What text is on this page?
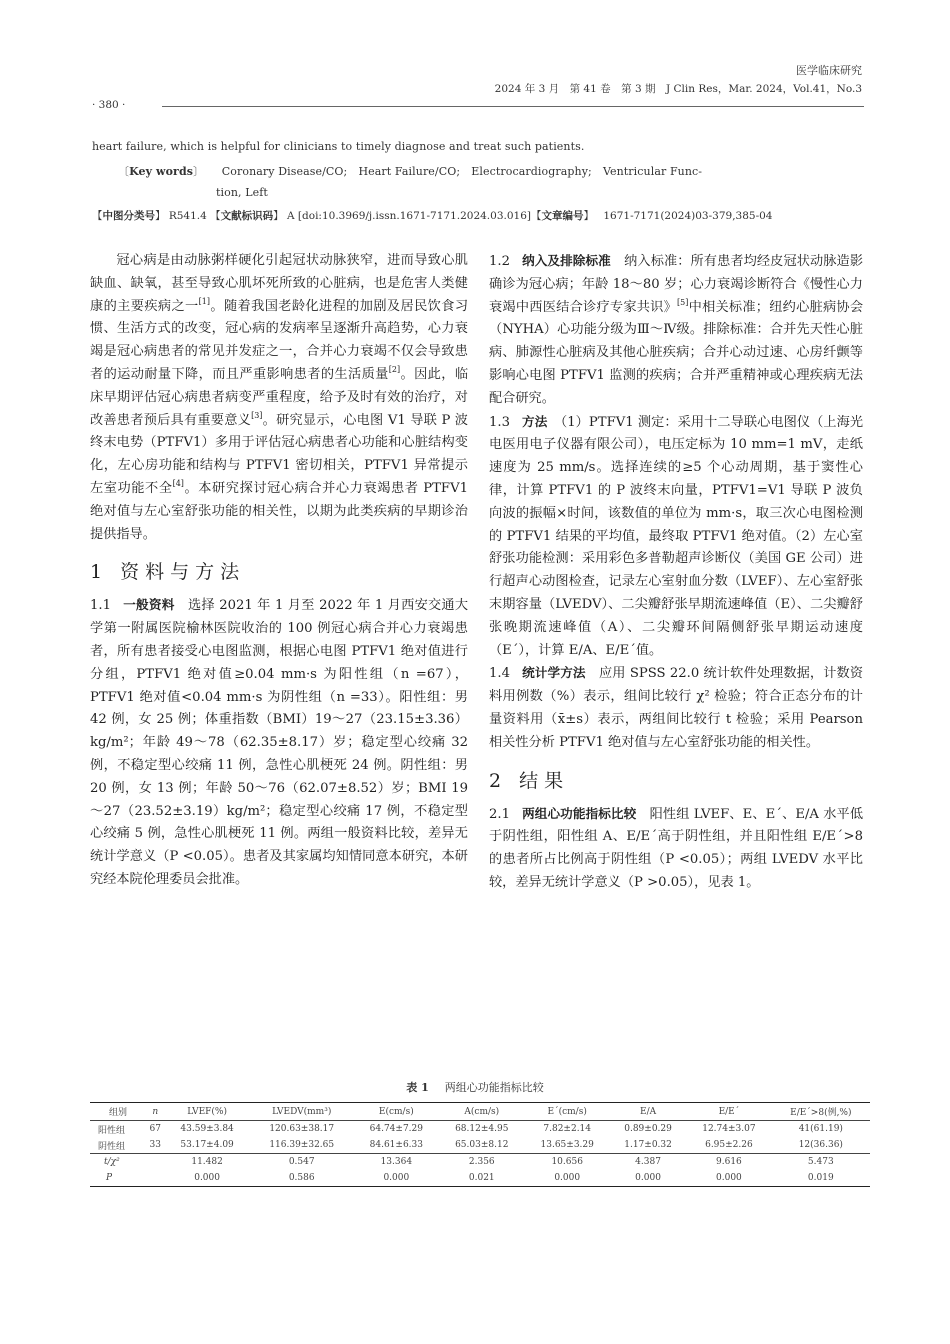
医学临床研究
2024 年 3 月　第 41 卷　第 3 期　J Clin Res，Mar. 2024，Vol.41，No.3
· 380 ·
heart failure, which is helpful for clinicians to timely diagnose and treat such patients.
〔Key words〕 Coronary Disease/CO;　Heart Failure/CO;　Electrocardiography;　Ventricular Func-
tion, Left
【中图分类号】 R541.4 【文献标识码】 A [doi:10.3969/j.issn.1671-7171.2024.03.016]【文章编号】 1671-7171(2024)03-379,385-04

冠心病是由动脉粥样硬化引起冠状动脉狭窄，进而导致心肌缺血、缺氧，甚至导致心肌坏死所致的心脏病，也是危害人类健康的主要疾病之一[1]。随着我国老龄化进程的加剧及居民饮食习惯、生活方式的改变，冠心病的发病率呈逐渐升高趋势，心力衰竭是冠心病患者的常见并发症之一，合并心力衰竭不仅会导致患者的运动耐量下降，而且严重影响患者的生活质量[2]。因此，临床早期评估冠心病患者病变严重程度，给予及时有效的治疗，对改善患者预后具有重要意义[3]。研究显示，心电图 V1 导联 P 波终末电势（PTFV1）多用于评估冠心病患者心功能和心脏结构变化，左心房功能和结构与 PTFV1 密切相关，PTFV1 异常提示左室功能不全[4]。本研究探讨冠心病合并心力衰竭患者 PTFV1 绝对值与左心室舒张功能的相关性，以期为此类疾病的早期诊治提供指导。

1 资料与方法

1.1 一般资料　 选择 2021 年 1 月至 2022 年 1 月西安交通大学第一附属医院榆林医院收治的 100 例冠心病合并心力衰竭患者，所有患者接受心电图监测，根据心电图 PTFV1 绝对值进行分组，PTFV1 绝对值≥0.04 mm·s 为阳性组（n =67），PTFV1 绝对值<0.04 mm·s 为阴性组（n =33）。阳性组：男 42 例，女 25 例；体重指数（BMI）19～27（23.15±3.36）kg/m²；年龄 49～78（62.35±8.17）岁；稳定型心绞痛 32 例，不稳定型心绞痛 11 例，急性心肌梗死 24 例。阴性组：男 20 例，女 13 例；年龄 50～76（62.07±8.52）岁；BMI 19～27（23.52±3.19）kg/m²；稳定型心绞痛 17 例，不稳定型心绞痛 5 例，急性心肌梗死 11 例。两组一般资料比较，差异无统计学意义（P <0.05）。患者及其家属均知情同意本研究，本研究经本院伦理委员会批准。

1.2 纳入及排除标准　 纳入标准：所有患者均经皮冠状动脉造影确诊为冠心病；年龄 18～80 岁；心力衰竭诊断符合《慢性心力衰竭中西医结合诊疗专家共识》[5]中相关标准；纽约心脏病协会（NYHA）心功能分级为Ⅲ～Ⅳ级。排除标准：合并先天性心脏病、肺源性心脏病及其他心脏疾病；合并心动过速、心房纤颤等影响心电图 PTFV1 监测的疾病；合并严重精神或心理疾病无法配合研究。

1.3 方法　 （1）PTFV1 测定：采用十二导联心电图仪（上海光电医用电子仪器有限公司），电压定标为 10 mm=1 mV，走纸速度为 25 mm/s。选择连续的≥5 个心动周期，基于窦性心律，计算 PTFV1 的 P 波终末向量，PTFV1=V1 导联 P 波负向波的振幅×时间，该数值的单位为 mm·s，取三次心电图检测的 PTFV1 结果的平均值，最终取 PTFV1 绝对值。（2）左心室舒张功能检测：采用彩色多普勒超声诊断仪（美国 GE 公司）进行超声心动图检查，记录左心室射血分数（LVEF）、左心室舒张末期容量（LVEDV）、二尖瓣舒张早期流速峰值（E）、二尖瓣舒张晚期流速峰值（A）、二尖瓣环间隔侧舒张早期运动速度（Eˊ），计算 E/A、E/Eˊ值。

1.4 统计学方法　 应用 SPSS 22.0 统计软件处理数据，计数资料用例数（%）表示，组间比较行 χ² 检验；符合正态分布的计量资料用（x̄±s）表示，两组间比较行 t 检验；采用 Pearson 相关性分析 PTFV1 绝对值与左心室舒张功能的相关性。

2 结果

2.1 两组心功能指标比较　 阳性组 LVEF、E、Eˊ、E/A 水平低于阴性组，阳性组 A、E/Eˊ高于阴性组，并且阳性组 E/Eˊ>8 的患者所占比例高于阴性组（P <0.05）；两组 LVEDV 水平比较，差异无统计学意义（P >0.05），见表 1。

表 1 两组心功能指标比较
组别	n	LVEF(%)	LVEDV(mm³)	E(cm/s)	A(cm/s)	Eˊ(cm/s)	E/A	E/Eˊ	E/Eˊ>8(例,%)
阳性组	67	43.59±3.84	120.63±38.17	64.74±7.29	68.12±4.95	7.82±2.14	0.89±0.29	12.74±3.07	41(61.19)
阴性组	33	53.17±4.09	116.39±32.65	84.61±6.33	65.03±8.12	13.65±3.29	1.17±0.32	6.95±2.26	12(36.36)
t/χ²		11.482	0.547	13.364	2.356	10.656	4.387	9.616	5.473
P		0.000	0.586	0.000	0.021	0.000	0.000	0.000	0.019
